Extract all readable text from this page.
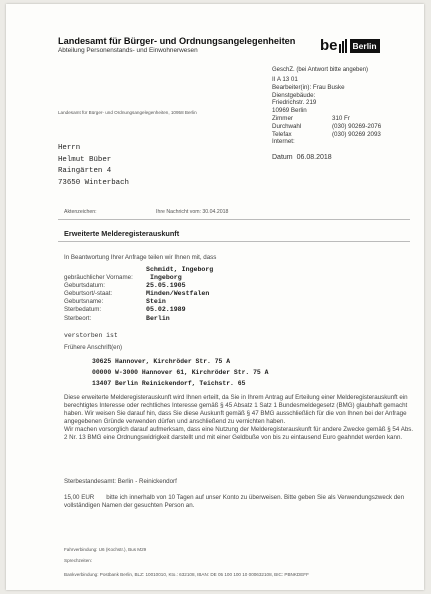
Landesamt für Bürger- und Ordnungsangelegenheiten
Abteilung Personenstands- und Einwohnerwesen	be	Berlin
GeschZ. (bei Antwort bitte angeben)
II A 13 01
Bearbeiter(in): Frau Buske
Dienstgebäude:
Friedrichstr. 219
10969 Berlin
Zimmer	310 Fr
Durchwahl	(030) 90269-2076
Telefax	(030) 90269 2093
Internet:
Landesamt für Bürger- und Ordnungsangelegenheiten, 10958 Berlin
Herrn
Helmut Büber
Raingärten 4
73650 Winterbach
Datum 06.08.2018
Aktenzeichen:	Ihre Nachricht vom: 30.04.2018
Erweiterte Melderegisterauskunft
In Beantwortung Ihrer Anfrage teilen wir Ihnen mit, dass
Schmidt, Ingeborg
gebräuchlicher Vorname:	Ingeborg
Geburtsdatum:	25.05.1905
Geburtsort/-staat:	Minden/Westfalen
Geburtsname:	Stein
Sterbedatum:	05.02.1989
Sterbeort:	Berlin
verstorben ist
Frühere Anschrift(en)
30625 Hannover, Kirchröder Str. 75 A
00000 W-3000 Hannover 61, Kirchröder Str. 75 A
13407 Berlin Reinickendorf, Teichstr. 65

Diese erweiterte Melderegisterauskunft wird Ihnen erteilt, da Sie in Ihrem Antrag auf Erteilung einer Melderegisterauskunft ein berechtigtes Interesse oder rechtliches Interesse gemäß § 45 Absatz 1 Satz 1 Bundesmeldegesetz (BMG) glaubhaft gemacht haben. Wir weisen Sie darauf hin, dass Sie diese Auskunft gemäß § 47 BMG ausschließlich für die von Ihnen bei der Anfrage angegebenen Gründe verwenden dürfen und anschließend zu vernichten haben.

Wir machen vorsorglich darauf aufmerksam, dass eine Nutzung der Melderegisterauskunft für andere Zwecke gemäß § 54 Abs. 2 Nr. 13 BMG eine Ordnungswidrigkeit darstellt und mit einer Geldbuße von bis zu eintausend Euro geahndet werden kann.

Sterbestandesamt: Berlin - Reinickendorf
15,00 EUR bitte ich innerhalb von 10 Tagen auf unser Konto zu überweisen. Bitte geben Sie als Verwendungszweck den vollständigen Namen der gesuchten Person an.
Fahrverbindung: U6 (Kochstr.), Bus M29
Sprechzeiten:
Bankverbindung: Postbank Berlin, BLZ: 10010010, Kto.: 632108, IBAN: DE 05 100 100 10 000632108, BIC: PBNKDEFF
